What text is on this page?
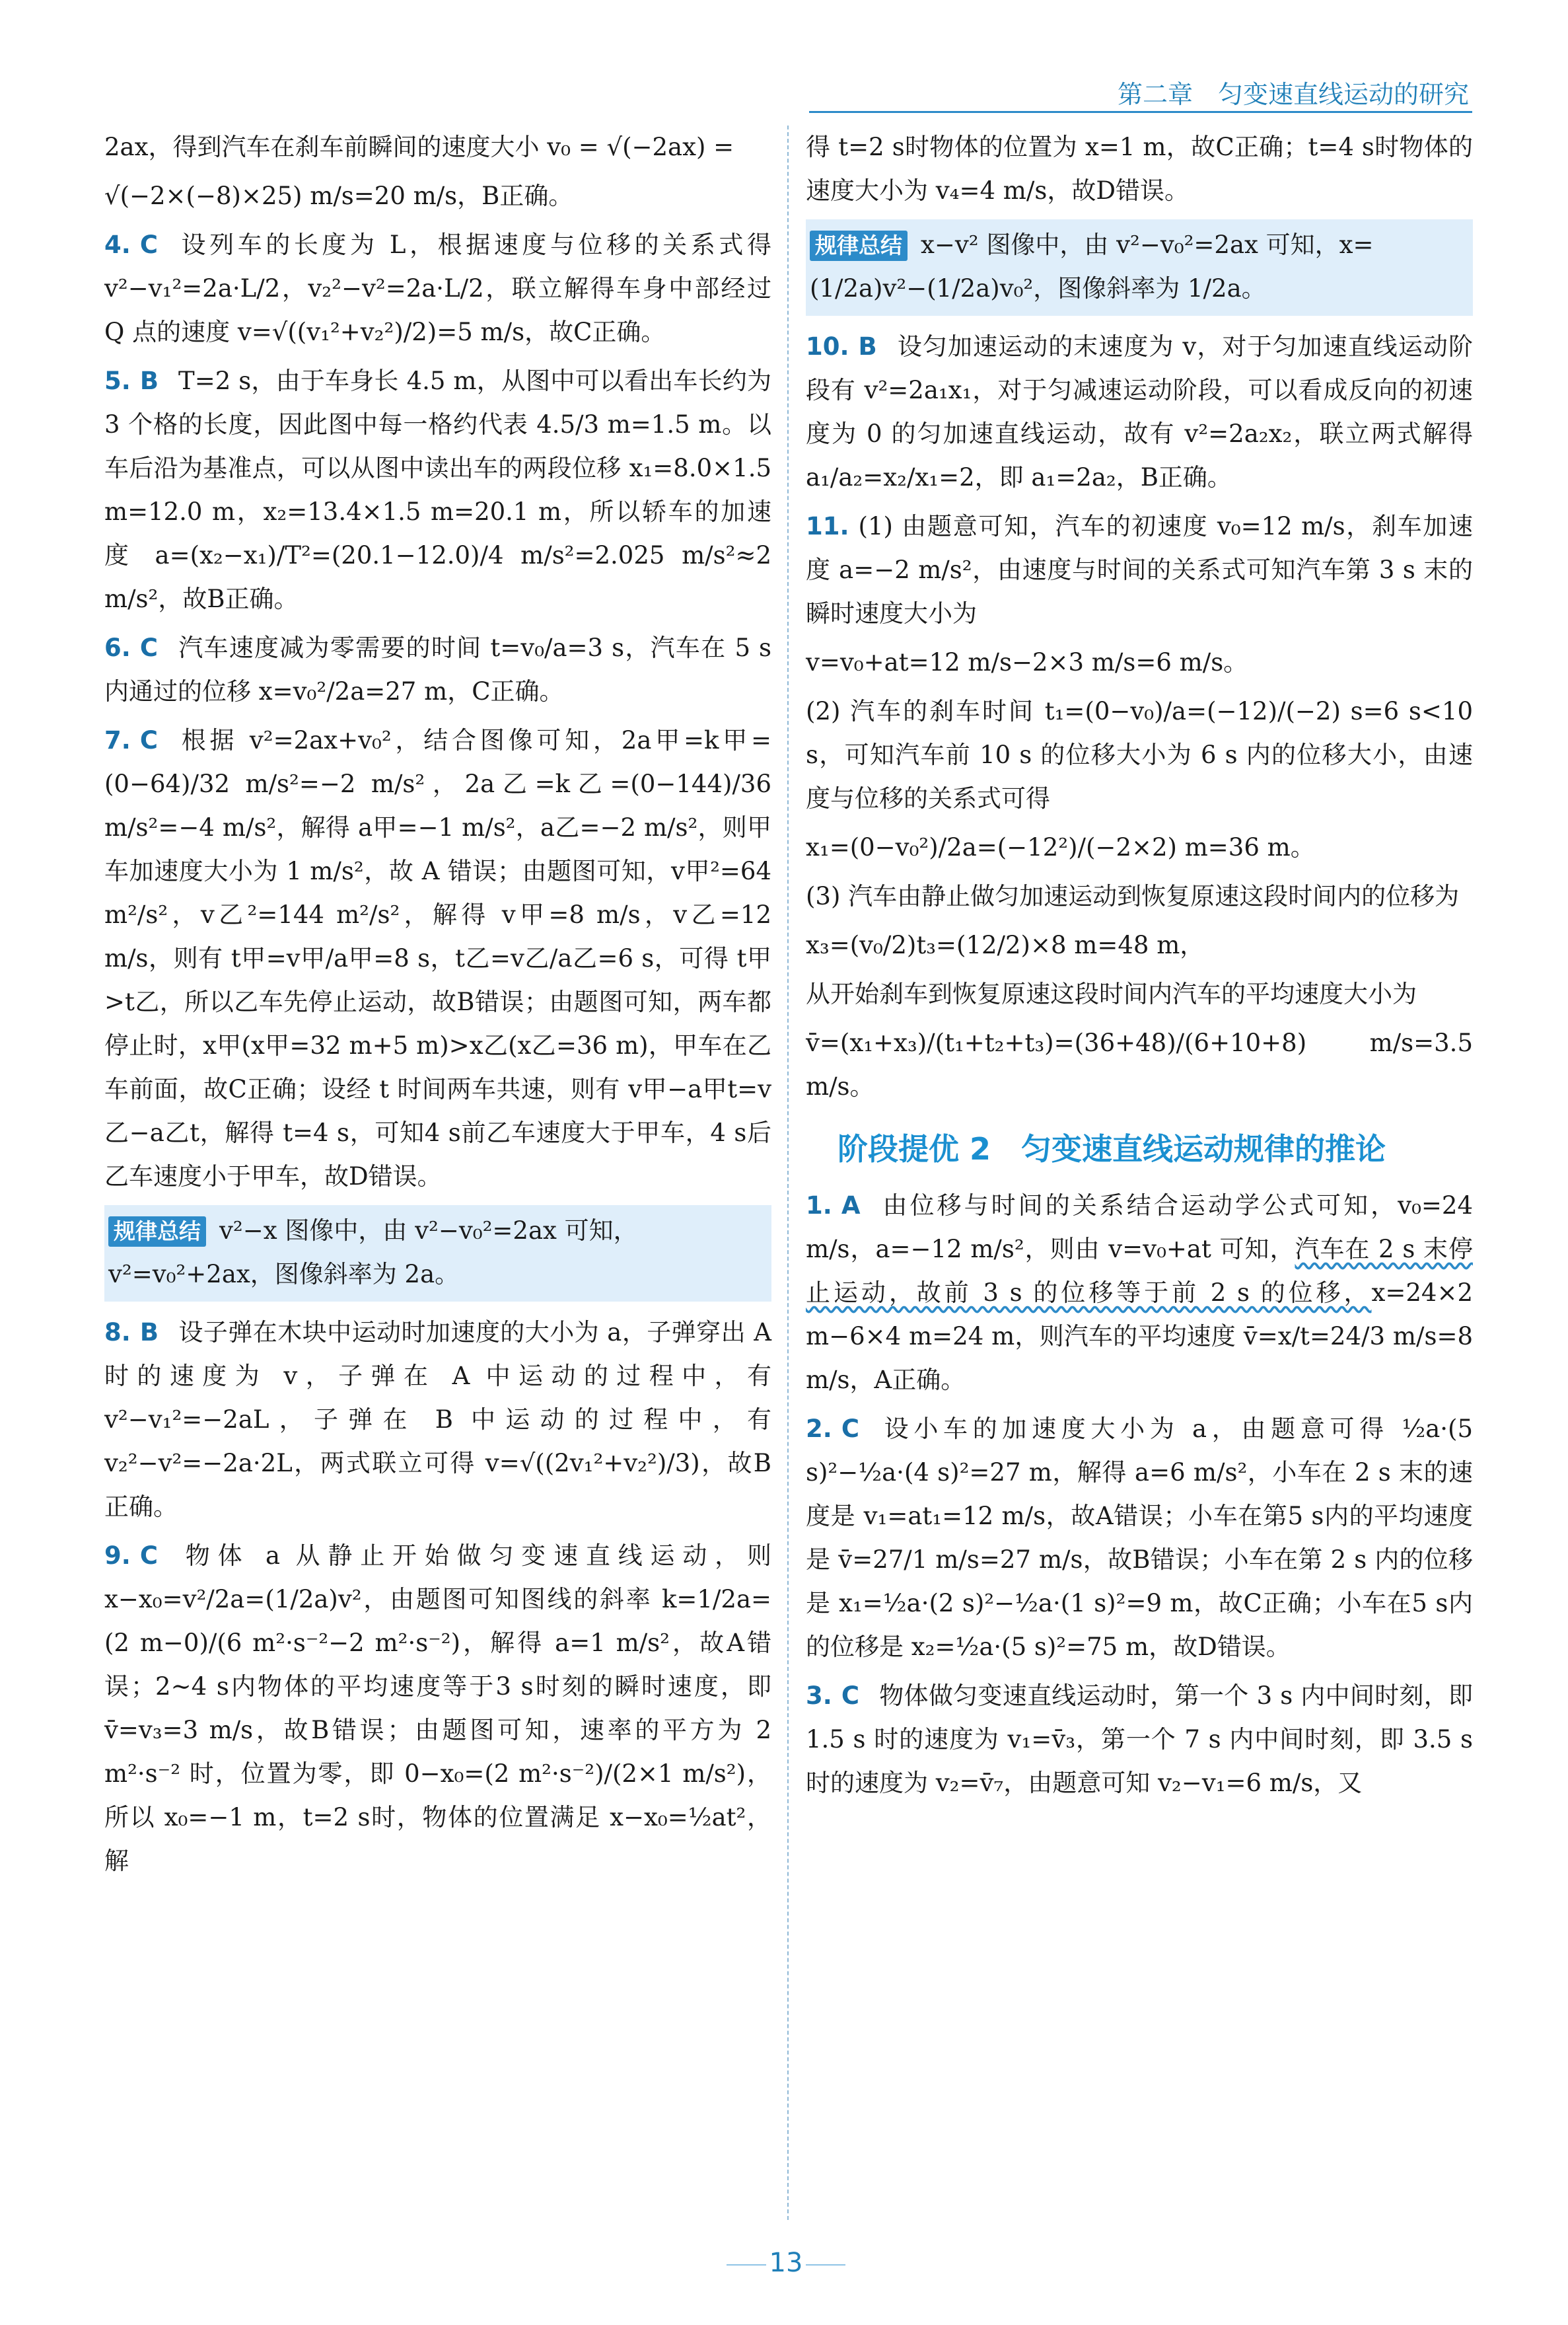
第二章　匀变速直线运动的研究

2ax，得到汽车在刹车前瞬间的速度大小 v₀ = √(−2ax) =

√(−2×(−8)×25) m/s=20 m/s，B正确。

4. C 设列车的长度为 L，根据速度与位移的关系式得 v²−v₁²=2a·L/2，v₂²−v²=2a·L/2，联立解得车身中部经过 Q 点的速度 v=√((v₁²+v₂²)/2)=5 m/s，故C正确。

5. B T=2 s，由于车身长 4.5 m，从图中可以看出车长约为 3 个格的长度，因此图中每一格约代表 4.5/3 m=1.5 m。以车后沿为基准点，可以从图中读出车的两段位移 x₁=8.0×1.5 m=12.0 m，x₂=13.4×1.5 m=20.1 m，所以轿车的加速度 a=(x₂−x₁)/T²=(20.1−12.0)/4 m/s²=2.025 m/s²≈2 m/s²，故B正确。

6. C 汽车速度减为零需要的时间 t=v₀/a=3 s，汽车在 5 s 内通过的位移 x=v₀²/2a=27 m，C正确。

7. C 根据 v²=2ax+v₀²，结合图像可知，2a甲=k甲=(0−64)/32 m/s²=−2 m/s²，2a乙=k乙=(0−144)/36 m/s²=−4 m/s²，解得 a甲=−1 m/s²，a乙=−2 m/s²，则甲车加速度大小为 1 m/s²，故 A 错误；由题图可知，v甲²=64 m²/s²，v乙²=144 m²/s²，解得 v甲=8 m/s，v乙=12 m/s，则有 t甲=v甲/a甲=8 s，t乙=v乙/a乙=6 s，可得 t甲>t乙，所以乙车先停止运动，故B错误；由题图可知，两车都停止时，x甲(x甲=32 m+5 m)>x乙(x乙=36 m)，甲车在乙车前面，故C正确；设经 t 时间两车共速，则有 v甲−a甲t=v乙−a乙t，解得 t=4 s，可知4 s前乙车速度大于甲车，4 s后乙车速度小于甲车，故D错误。

规律总结 v²−x 图像中，由 v²−v₀²=2ax 可知，v²=v₀²+2ax，图像斜率为 2a。

8. B 设子弹在木块中运动时加速度的大小为 a，子弹穿出 A 时的速度为 v，子弹在 A 中运动的过程中，有 v²−v₁²=−2aL，子弹在 B 中运动的过程中，有 v₂²−v²=−2a·2L，两式联立可得 v=√((2v₁²+v₂²)/3)，故B正确。

9. C 物体 a 从静止开始做匀变速直线运动，则 x−x₀=v²/2a=(1/2a)v²，由题图可知图线的斜率 k=1/2a=(2 m−0)/(6 m²·s⁻²−2 m²·s⁻²)，解得 a=1 m/s²，故A错误；2~4 s内物体的平均速度等于3 s时刻的瞬时速度，即 v̄=v₃=3 m/s，故B错误；由题图可知，速率的平方为 2 m²·s⁻² 时，位置为零，即 0−x₀=(2 m²·s⁻²)/(2×1 m/s²)，所以 x₀=−1 m，t=2 s时，物体的位置满足 x−x₀=½at²，解

得 t=2 s时物体的位置为 x=1 m，故C正确；t=4 s时物体的速度大小为 v₄=4 m/s，故D错误。

规律总结 x−v² 图像中，由 v²−v₀²=2ax 可知，x=(1/2a)v²−(1/2a)v₀²，图像斜率为 1/2a。

10. B 设匀加速运动的末速度为 v，对于匀加速直线运动阶段有 v²=2a₁x₁，对于匀减速运动阶段，可以看成反向的初速度为 0 的匀加速直线运动，故有 v²=2a₂x₂，联立两式解得 a₁/a₂=x₂/x₁=2，即 a₁=2a₂，B正确。

11. (1) 由题意可知，汽车的初速度 v₀=12 m/s，刹车加速度 a=−2 m/s²，由速度与时间的关系式可知汽车第 3 s 末的瞬时速度大小为

v=v₀+at=12 m/s−2×3 m/s=6 m/s。

(2) 汽车的刹车时间 t₁=(0−v₀)/a=(−12)/(−2) s=6 s<10 s，可知汽车前 10 s 的位移大小为 6 s 内的位移大小，由速度与位移的关系式可得

x₁=(0−v₀²)/2a=(−12²)/(−2×2) m=36 m。

(3) 汽车由静止做匀加速运动到恢复原速这段时间内的位移为

x₃=(v₀/2)t₃=(12/2)×8 m=48 m，

从开始刹车到恢复原速这段时间内汽车的平均速度大小为

v̄=(x₁+x₃)/(t₁+t₂+t₃)=(36+48)/(6+10+8) m/s=3.5 m/s。

阶段提优 2　匀变速直线运动规律的推论

1. A 由位移与时间的关系结合运动学公式可知，v₀=24 m/s，a=−12 m/s²，则由 v=v₀+at 可知，汽车在 2 s 末停止运动，故前 3 s 的位移等于前 2 s 的位移，x=24×2 m−6×4 m=24 m，则汽车的平均速度 v̄=x/t=24/3 m/s=8 m/s，A正确。

2. C 设小车的加速度大小为 a，由题意可得 ½a·(5 s)²−½a·(4 s)²=27 m，解得 a=6 m/s²，小车在 2 s 末的速度是 v₁=at₁=12 m/s，故A错误；小车在第5 s内的平均速度是 v̄=27/1 m/s=27 m/s，故B错误；小车在第 2 s 内的位移是 x₁=½a·(2 s)²−½a·(1 s)²=9 m，故C正确；小车在5 s内的位移是 x₂=½a·(5 s)²=75 m，故D错误。

3. C 物体做匀变速直线运动时，第一个 3 s 内中间时刻，即 1.5 s 时的速度为 v₁=v̄₃，第一个 7 s 内中间时刻，即 3.5 s时的速度为 v₂=v̄₇，由题意可知 v₂−v₁=6 m/s，又

13
